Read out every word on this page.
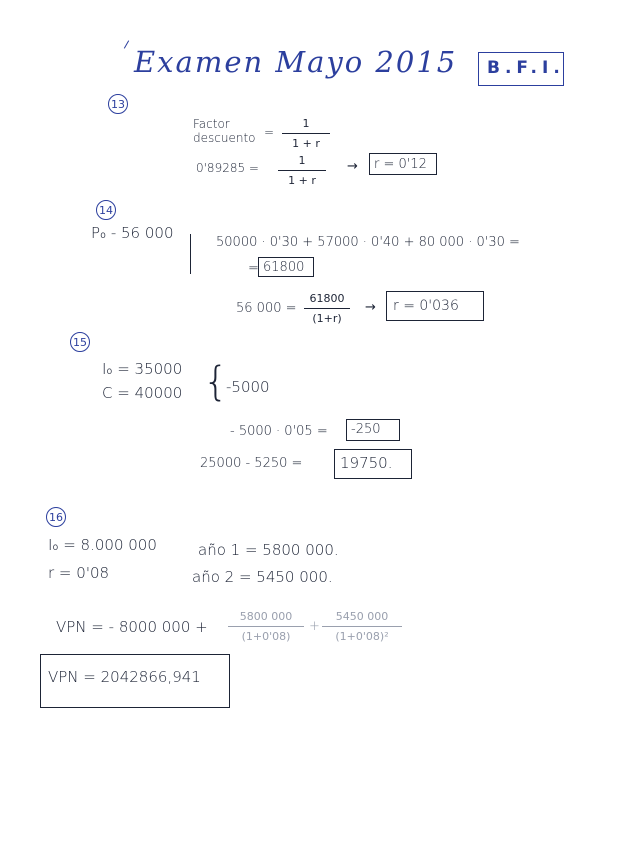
Examen Mayo 2015 B.F.I.
13
Factor
descuento =
1
1 + r
0'89285 =
1
1 + r
→ r = 0'12
14
P₀ - 56 000
50000 · 0'30 + 57000 · 0'40 + 80 000 · 0'30 =
= 61800
56 000 =
61800
(1+r)
→ r = 0'036
15
I₀ = 35000
C = 40000 {
-5000
- 5000 · 0'05 = -250
25000 - 5250 =	19750.
16
I₀ = 8.000 000
r = 0'08
año 1 = 5800 000.
año 2 = 5450 000.
VPN = - 8000 000 +
5800 000
(1+0'08)
+
5450 000
(1+0'08)²
VPN = 2042866,941
